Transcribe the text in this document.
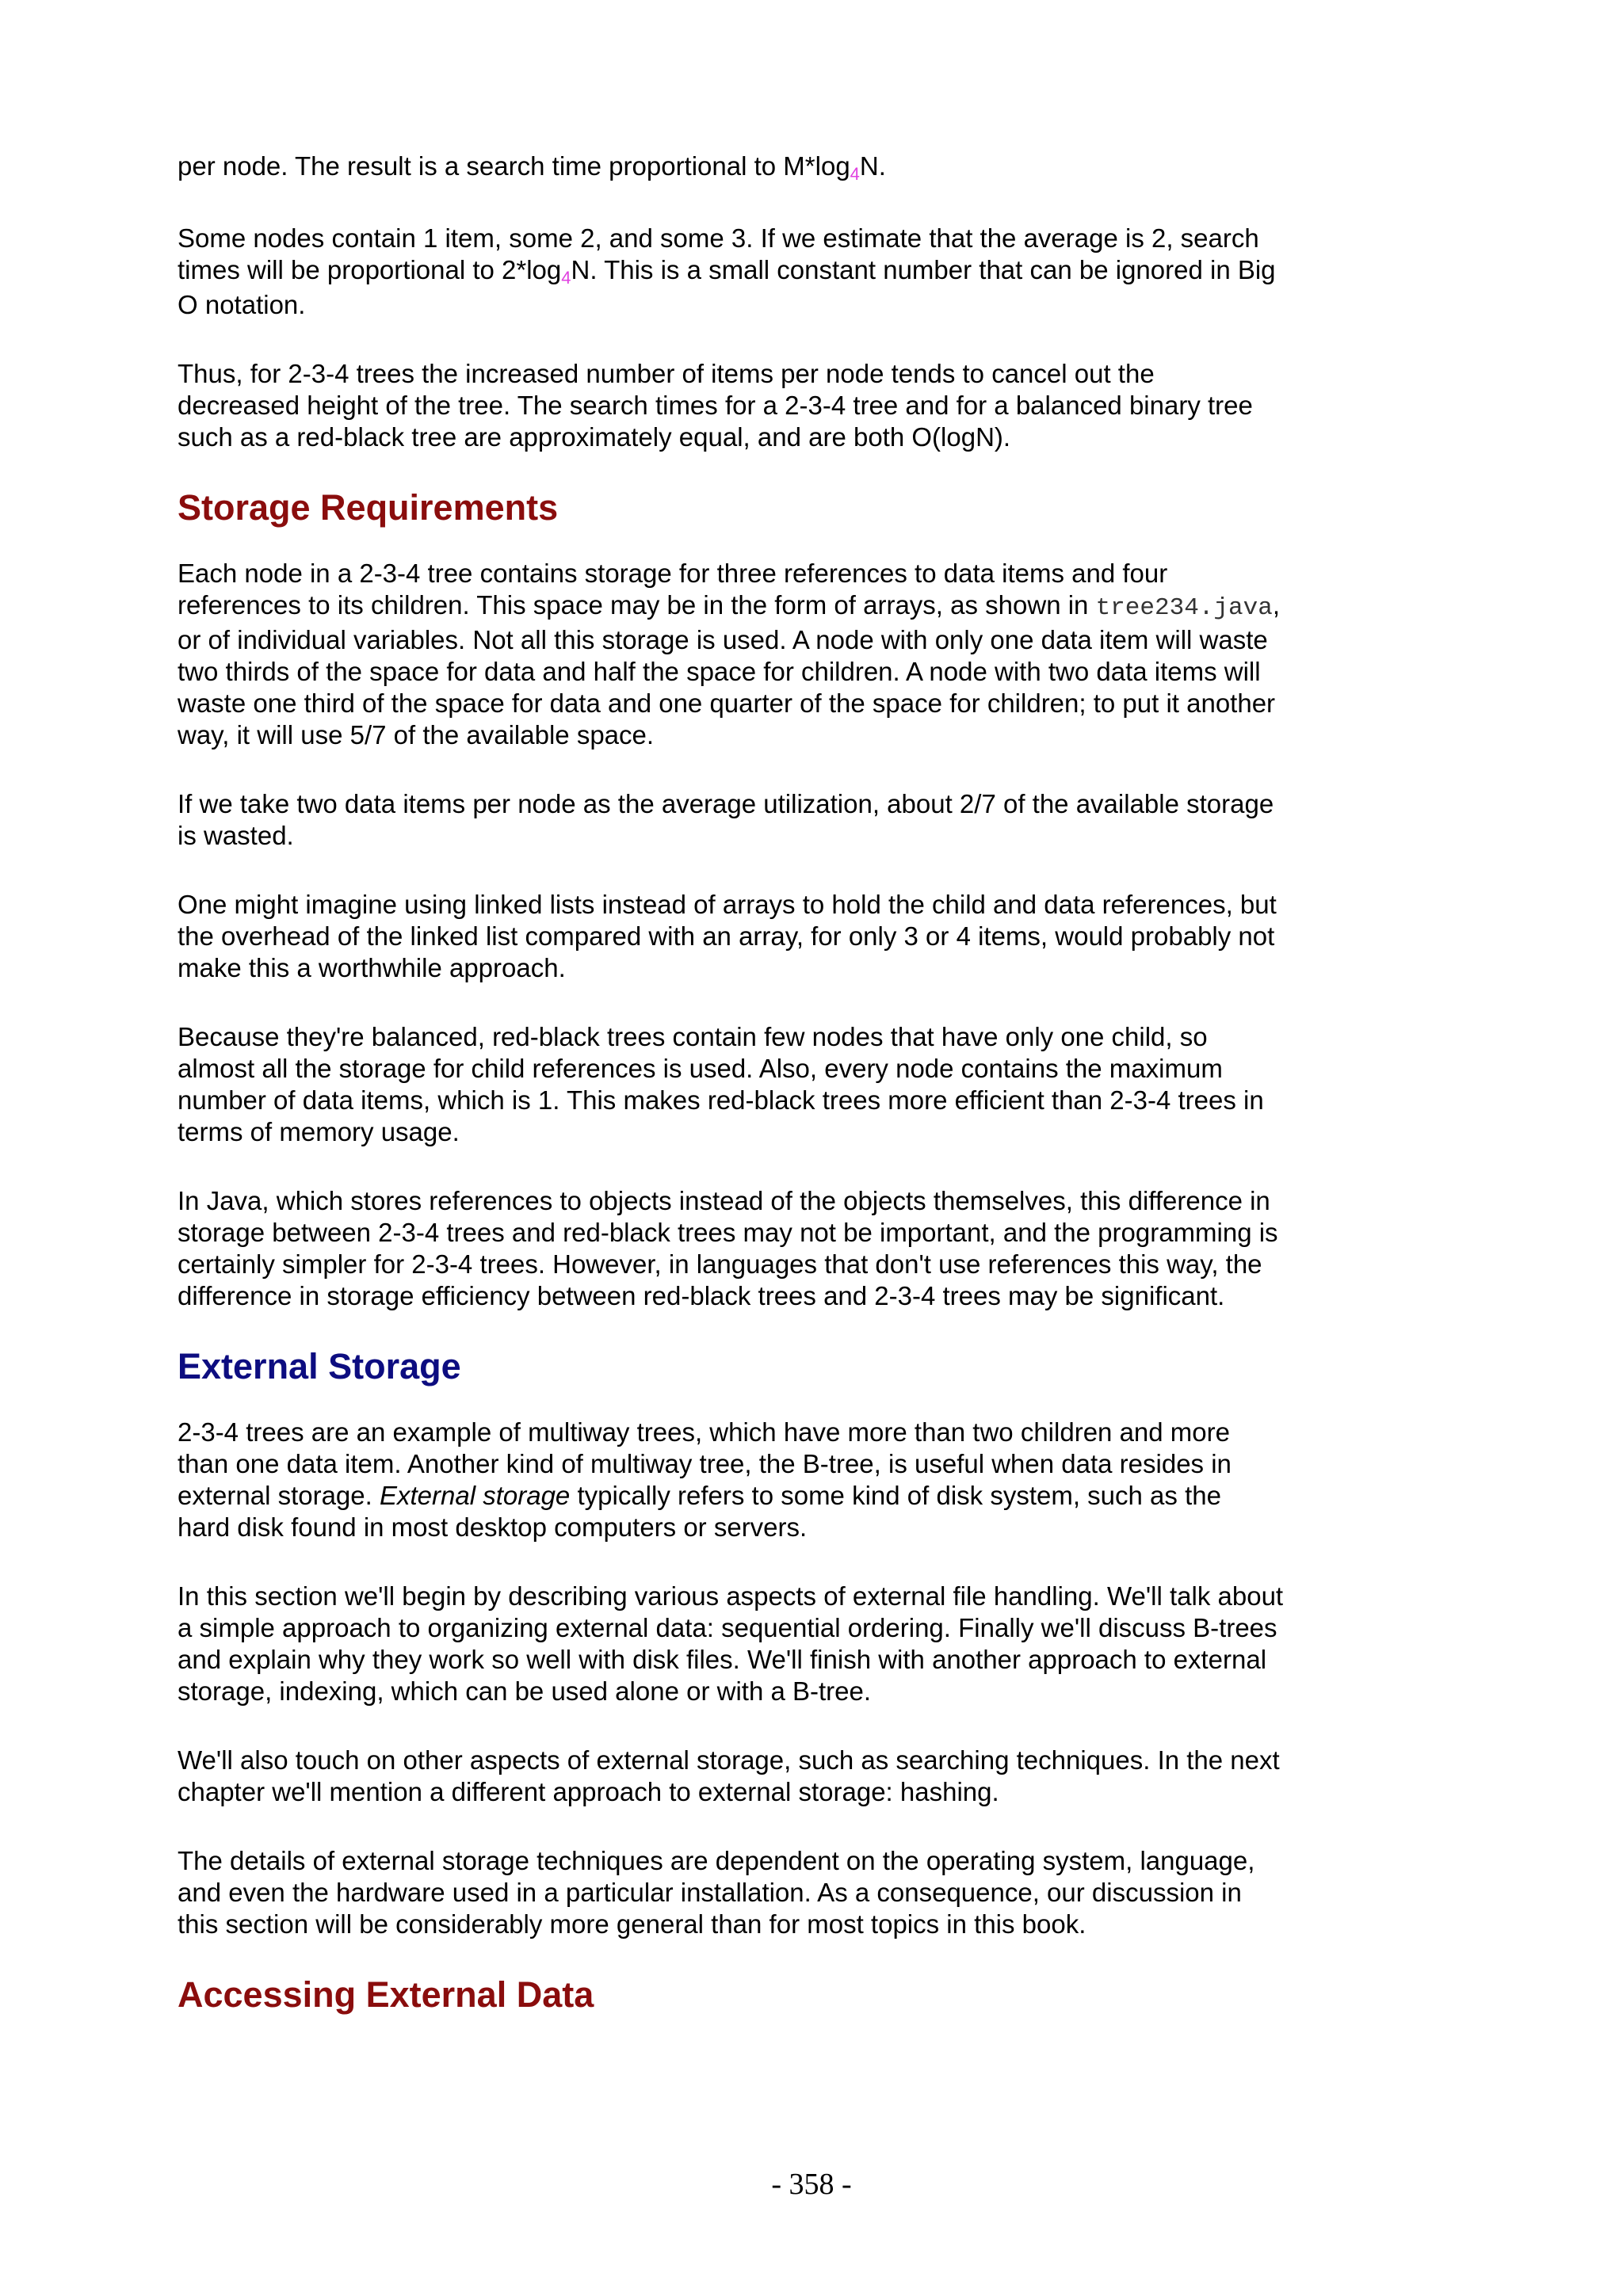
per node. The result is a search time proportional to M*log4N.

Some nodes contain 1 item, some 2, and some 3. If we estimate that the average is 2, search times will be proportional to 2*log4N. This is a small constant number that can be ignored in Big O notation.

Thus, for 2-3-4 trees the increased number of items per node tends to cancel out the decreased height of the tree. The search times for a 2-3-4 tree and for a balanced binary tree such as a red-black tree are approximately equal, and are both O(logN).

Storage Requirements

Each node in a 2-3-4 tree contains storage for three references to data items and four references to its children. This space may be in the form of arrays, as shown in tree234.java, or of individual variables. Not all this storage is used. A node with only one data item will waste two thirds of the space for data and half the space for children. A node with two data items will waste one third of the space for data and one quarter of the space for children; to put it another way, it will use 5/7 of the available space.

If we take two data items per node as the average utilization, about 2/7 of the available storage is wasted.

One might imagine using linked lists instead of arrays to hold the child and data references, but the overhead of the linked list compared with an array, for only 3 or 4 items, would probably not make this a worthwhile approach.

Because they're balanced, red-black trees contain few nodes that have only one child, so almost all the storage for child references is used. Also, every node contains the maximum number of data items, which is 1. This makes red-black trees more efficient than 2-3-4 trees in terms of memory usage.

In Java, which stores references to objects instead of the objects themselves, this difference in storage between 2-3-4 trees and red-black trees may not be important, and the programming is certainly simpler for 2-3-4 trees. However, in languages that don't use references this way, the difference in storage efficiency between red-black trees and 2-3-4 trees may be significant.

External Storage

2-3-4 trees are an example of multiway trees, which have more than two children and more than one data item. Another kind of multiway tree, the B-tree, is useful when data resides in external storage. External storage typically refers to some kind of disk system, such as the hard disk found in most desktop computers or servers.

In this section we'll begin by describing various aspects of external file handling. We'll talk about a simple approach to organizing external data: sequential ordering. Finally we'll discuss B-trees and explain why they work so well with disk files. We'll finish with another approach to external storage, indexing, which can be used alone or with a B-tree.

We'll also touch on other aspects of external storage, such as searching techniques. In the next chapter we'll mention a different approach to external storage: hashing.

The details of external storage techniques are dependent on the operating system, language, and even the hardware used in a particular installation. As a consequence, our discussion in this section will be considerably more general than for most topics in this book.

Accessing External Data
- 358 -
